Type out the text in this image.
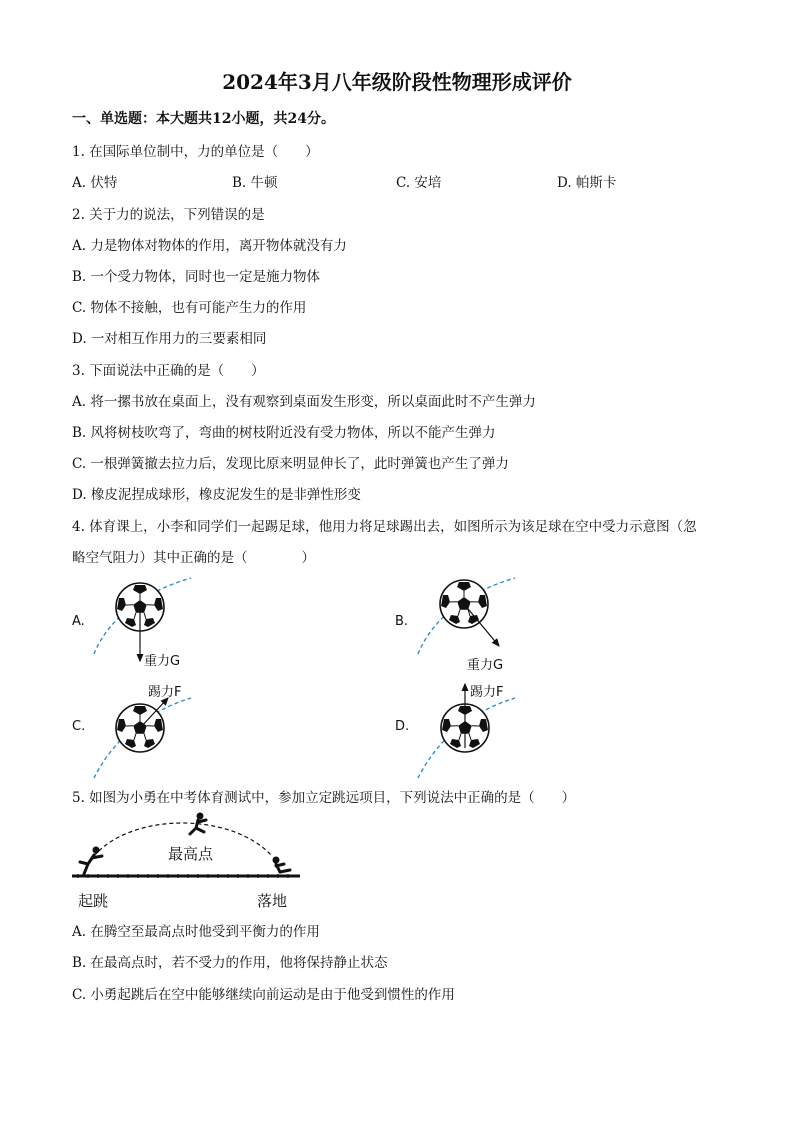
2024年3月八年级阶段性物理形成评价
一、单选题：本大题共12小题，共24分。
1. 在国际单位制中，力的单位是（　　）
A. 伏特	B. 牛顿	C. 安培	D. 帕斯卡
2. 关于力的说法，下列错误的是
A. 力是物体对物体的作用，离开物体就没有力
B. 一个受力物体，同时也一定是施力物体
C. 物体不接触，也有可能产生力的作用
D. 一对相互作用力的三要素相同
3. 下面说法中正确的是（　　）
A. 将一摞书放在桌面上，没有观察到桌面发生形变，所以桌面此时不产生弹力
B. 风将树枝吹弯了，弯曲的树枝附近没有受力物体，所以不能产生弹力
C. 一根弹簧撤去拉力后，发现比原来明显伸长了，此时弹簧也产生了弹力
D. 橡皮泥捏成球形，橡皮泥发生的是非弹性形变
4. 体育课上，小李和同学们一起踢足球，他用力将足球踢出去，如图所示为该足球在空中受力示意图（忽
略空气阻力）其中正确的是（　　　　）
A.
重力G
B.
重力G
C.
踢力F
D.
踢力F
5. 如图为小勇在中考体育测试中，参加立定跳远项目，下列说法中正确的是（　　）
最高点
起跳	落地
A. 在腾空至最高点时他受到平衡力的作用
B. 在最高点时，若不受力的作用，他将保持静止状态
C. 小勇起跳后在空中能够继续向前运动是由于他受到惯性的作用
